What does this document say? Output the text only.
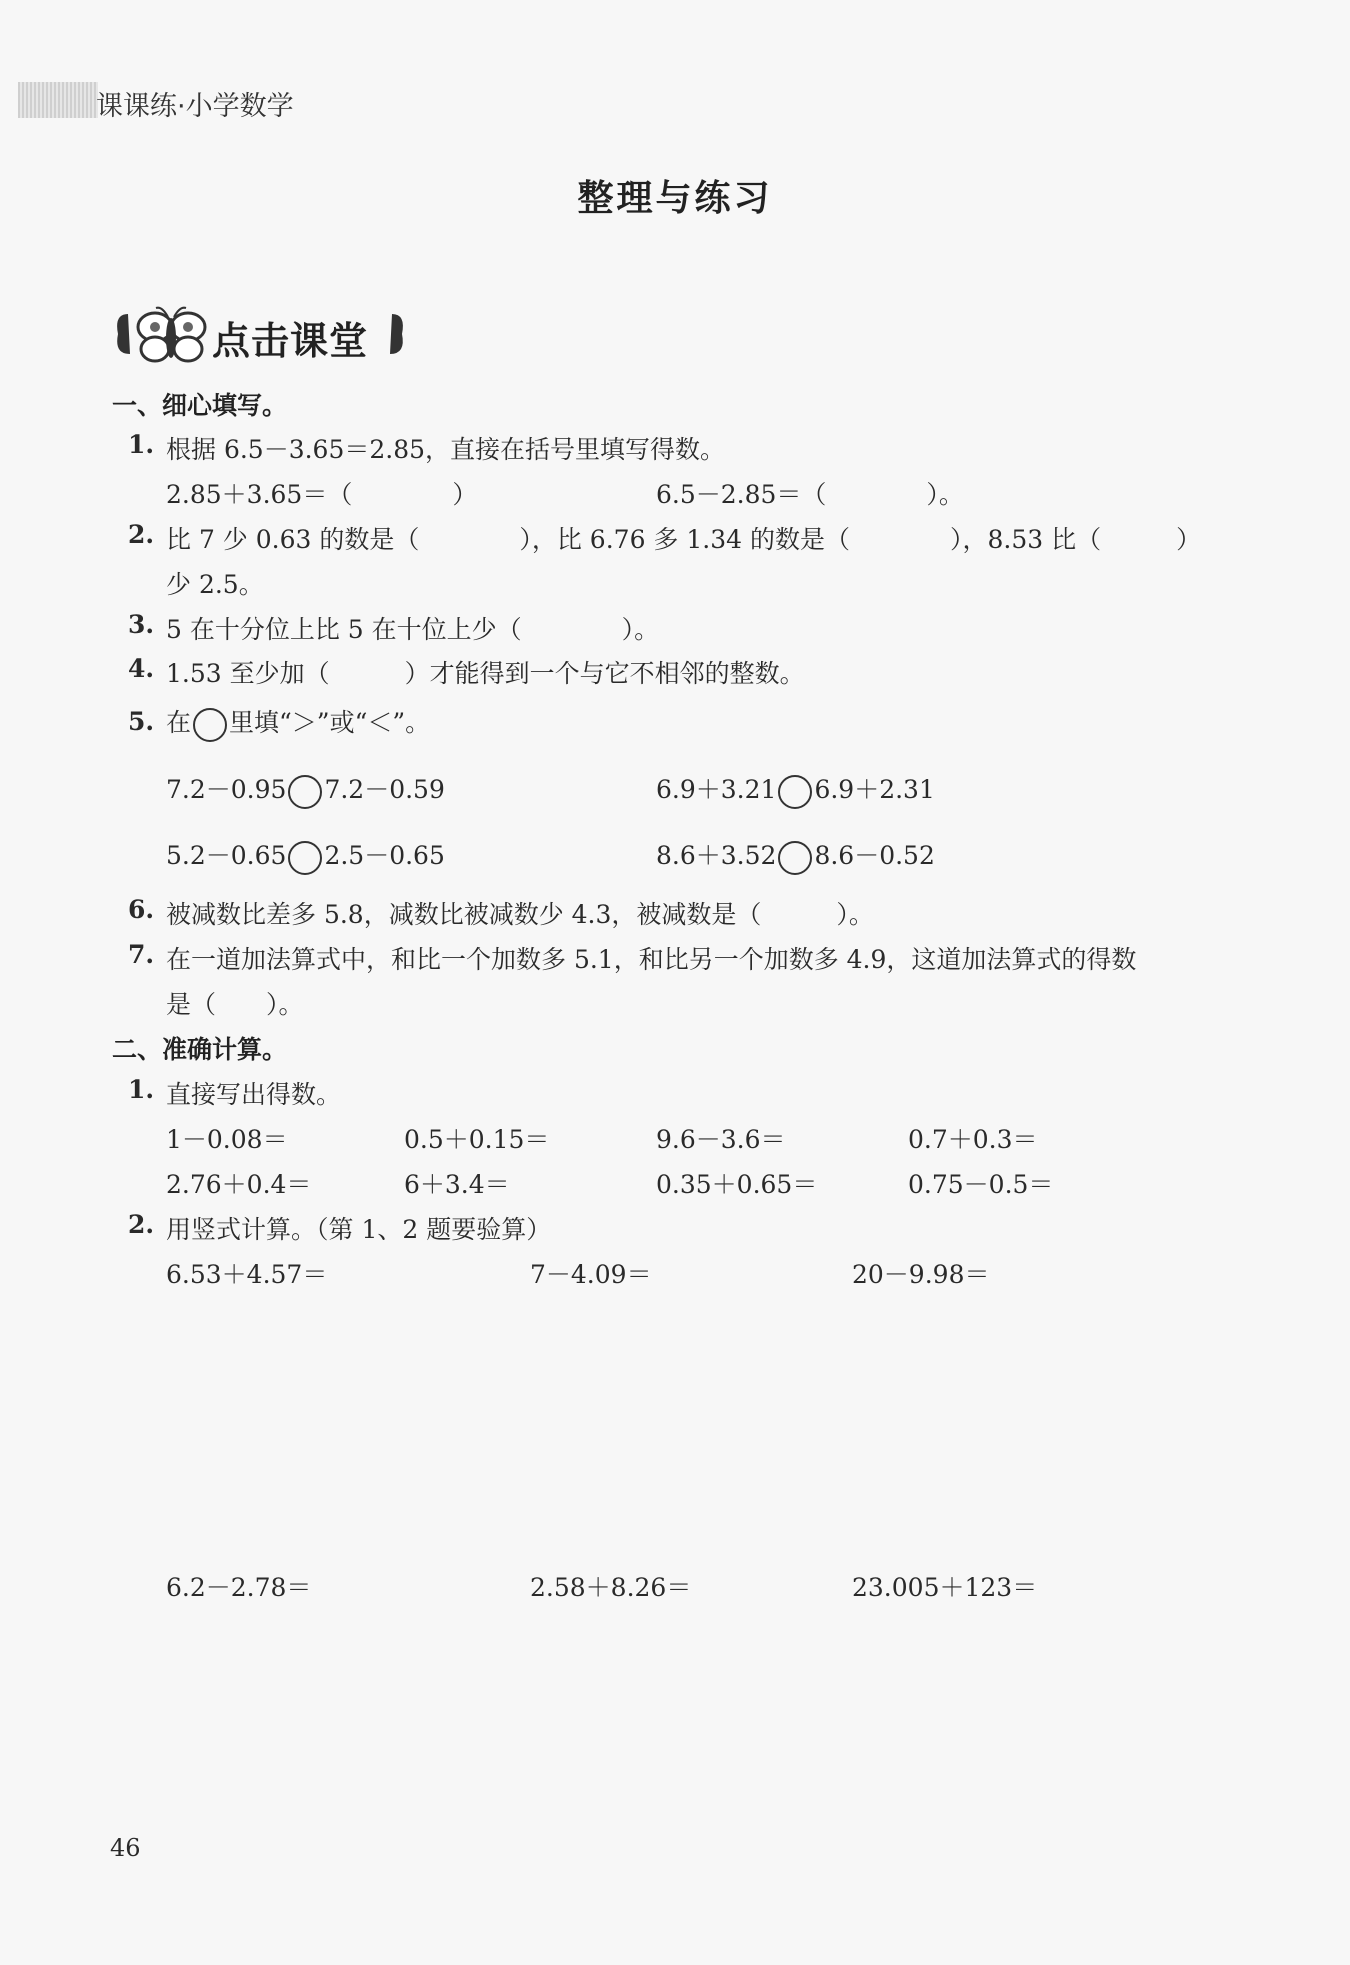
课课练·小学数学
整理与练习
点击课堂
一、细心填写。
1. 根据 6.5－3.65＝2.85，直接在括号里填写得数。
2.85＋3.65＝（　　　　）	6.5－2.85＝（　　　　）。
2. 比 7 少 0.63 的数是（　　　　），比 6.76 多 1.34 的数是（　　　　），8.53 比（　　　）
少 2.5。
3. 5 在十分位上比 5 在十位上少（　　　　）。
4. 1.53 至少加（　　　）才能得到一个与它不相邻的整数。
5. 在 里填“＞”或“＜”。
7.2－0.95 7.2－0.59	6.9＋3.21 6.9＋2.31
5.2－0.65 2.5－0.65	8.6＋3.52 8.6－0.52
6. 被减数比差多 5.8，减数比被减数少 4.3，被减数是（　　　）。
7. 在一道加法算式中，和比一个加数多 5.1，和比另一个加数多 4.9，这道加法算式的得数
是（　　）。
二、准确计算。
1. 直接写出得数。
1－0.08＝	0.5＋0.15＝	9.6－3.6＝	0.7＋0.3＝
2.76＋0.4＝	6＋3.4＝	0.35＋0.65＝	0.75－0.5＝
2. 用竖式计算。（第 1、2 题要验算）
6.53＋4.57＝	7－4.09＝	20－9.98＝
6.2－2.78＝	2.58＋8.26＝	23.005＋123＝
46
